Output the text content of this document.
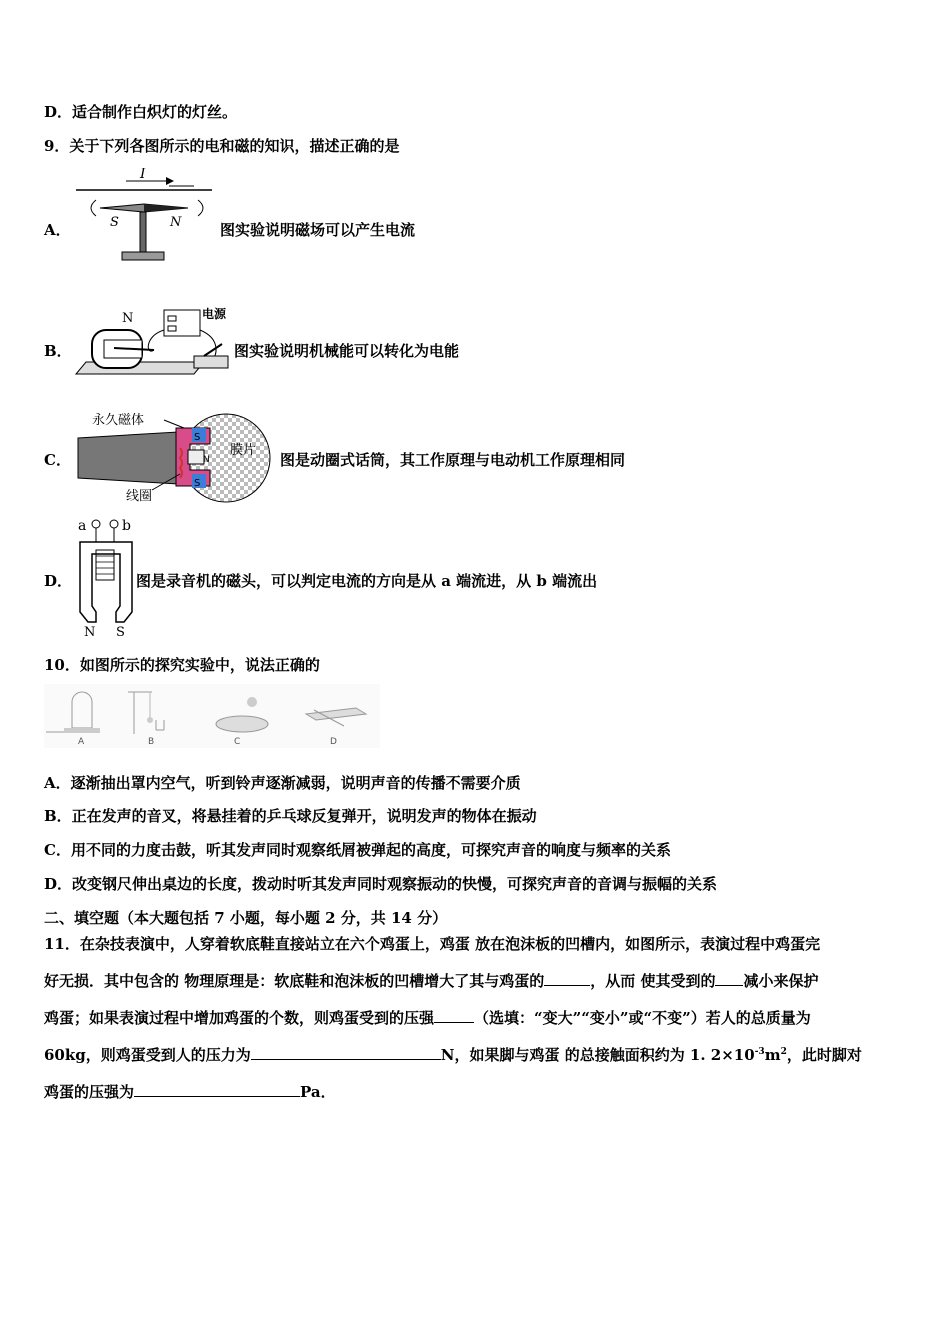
D．适合制作白炽灯的灯丝。
9．关于下列各图所示的电和磁的知识，描述正确的是
A．
I
S	N	图实验说明磁场可以产生电流
B．
N	电源
图实验说明机械能可以转化为电能
C．
永久磁体
膜片
S
S
N
线圈
图是动圈式话筒，其工作原理与电动机工作原理相同
D．
a	b
N S
图是录音机的磁头，可以判定电流的方向是从 a 端流进，从 b 端流出
10．如图所示的探究实验中，说法正确的
A	B	C	D
A．逐渐抽出罩内空气，听到铃声逐渐减弱，说明声音的传播不需要介质
B．正在发声的音叉，将悬挂着的乒乓球反复弹开，说明发声的物体在振动
C．用不同的力度击鼓，听其发声同时观察纸屑被弹起的高度，可探究声音的响度与频率的关系
D．改变钢尺伸出桌边的长度，拨动时听其发声同时观察振动的快慢，可探究声音的音调与振幅的关系
二、填空题（本大题包括 7 小题，每小题 2 分，共 14 分）
11．在杂技表演中，人穿着软底鞋直接站立在六个鸡蛋上，鸡蛋 放在泡沫板的凹槽内，如图所示，表演过程中鸡蛋完
好无损．其中包含的 物理原理是：软底鞋和泡沫板的凹槽增大了其与鸡蛋的	，从而 使其受到的 减小来保护
鸡蛋；如果表演过程中增加鸡蛋的个数，则鸡蛋受到的压强	（选填：“变大”“变小”或“不变”）若人的总质量为
60kg，则鸡蛋受到人的压力为	N，如果脚与鸡蛋 的总接触面积约为 1. $2\times 10^{-3}m^2$，此时脚对
鸡蛋的压强为	Pa．
